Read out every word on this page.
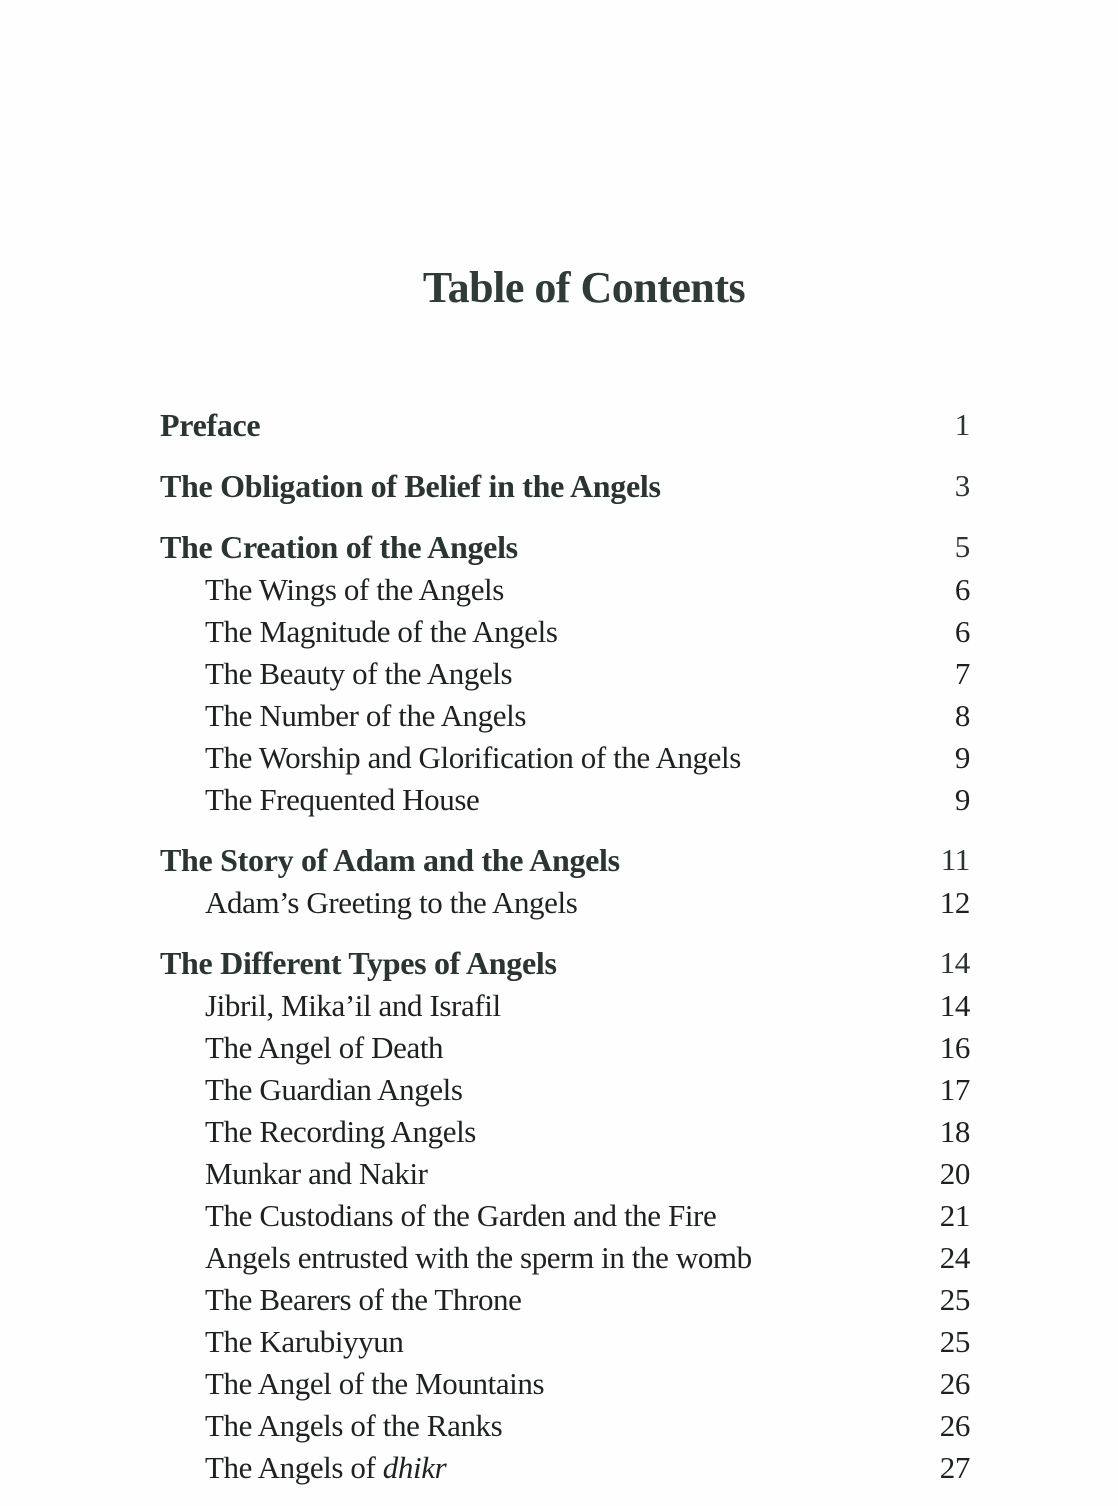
Table of Contents
Preface	1
The Obligation of Belief in the Angels	3
The Creation of the Angels	5
The Wings of the Angels	6
The Magnitude of the Angels	6
The Beauty of the Angels	7
The Number of the Angels	8
The Worship and Glorification of the Angels	9
The Frequented House	9
The Story of Adam and the Angels	11
Adam’s Greeting to the Angels	12
The Different Types of Angels	14
Jibril, Mika’il and Israfil	14
The Angel of Death	16
The Guardian Angels	17
The Recording Angels	18
Munkar and Nakir	20
The Custodians of the Garden and the Fire	21
Angels entrusted with the sperm in the womb	24
The Bearers of the Throne	25
The Karubiyyun	25
The Angel of the Mountains	26
The Angels of the Ranks	26
The Angels of dhikr	27
